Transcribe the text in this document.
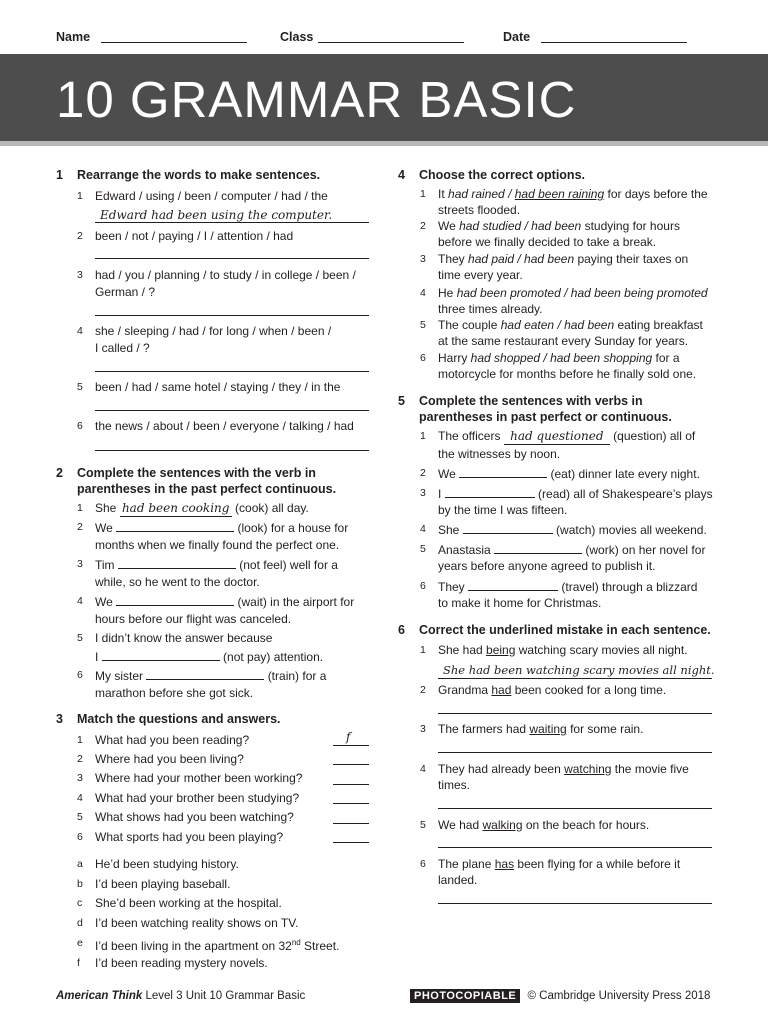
Name	Class	Date
10 GRAMMAR BASIC
1 Rearrange the words to make sentences.
1 Edward / using / been / computer / had / the
Edward had been using the computer.
2 been / not / paying / I / attention / had
3 had / you / planning / to study / in college / been /
German / ?
4 she / sleeping / had / for long / when / been /
I called / ?
5 been / had / same hotel / staying / they / in the
6 the news / about / been / everyone / talking / had
2 Complete the sentences with the verb in
parentheses in the past perfect continuous.
1 She had been cooking (cook) all day.
2 We	(look) for a house for
months when we finally found the perfect one.
3 Tim	(not feel) well for a
while, so he went to the doctor.
4 We	(wait) in the airport for
hours before our flight was canceled.
5 I didn’t know the answer because
I	(not pay) attention.
6 My sister	(train) for a
marathon before she got sick.
3 Match the questions and answers.
1 What had you been reading?	f
2 Where had you been living?
3 Where had your mother been working?
4 What had your brother been studying?
5 What shows had you been watching?
6 What sports had you been playing?
a He’d been studying history.
b I’d been playing baseball.
c She’d been working at the hospital.
d I’d been watching reality shows on TV.
e I’d been living in the apartment on 32nd Street.
f I’d been reading mystery novels.
4 Choose the correct options.
1 It had rained / had been raining for days before the
streets flooded.
2 We had studied / had been studying for hours
before we finally decided to take a break.
3 They had paid / had been paying their taxes on
time every year.
4 He had been promoted / had been being promoted
three times already.
5 The couple had eaten / had been eating breakfast
at the same restaurant every Sunday for years.
6 Harry had shopped / had been shopping for a
motorcycle for months before he finally sold one.
5 Complete the sentences with verbs in
parentheses in past perfect or continuous.
1 The officers had questioned (question) all of
the witnesses by noon.
2 We	(eat) dinner late every night.
3 I	(read) all of Shakespeare’s plays
by the time I was fifteen.
4 She	(watch) movies all weekend.
5 Anastasia	(work) on her novel for
years before anyone agreed to publish it.
6 They	(travel) through a blizzard
to make it home for Christmas.
6 Correct the underlined mistake in each sentence.
1 She had being watching scary movies all night.
She had been watching scary movies all night.
2 Grandma had been cooked for a long time.
3 The farmers had waiting for some rain.
4 They had already been watching the movie five
times.
5 We had walking on the beach for hours.
6 The plane has been flying for a while before it
landed.
American Think Level 3 Unit 10 Grammar Basic	PHOTOCOPIABLE © Cambridge University Press 2018
